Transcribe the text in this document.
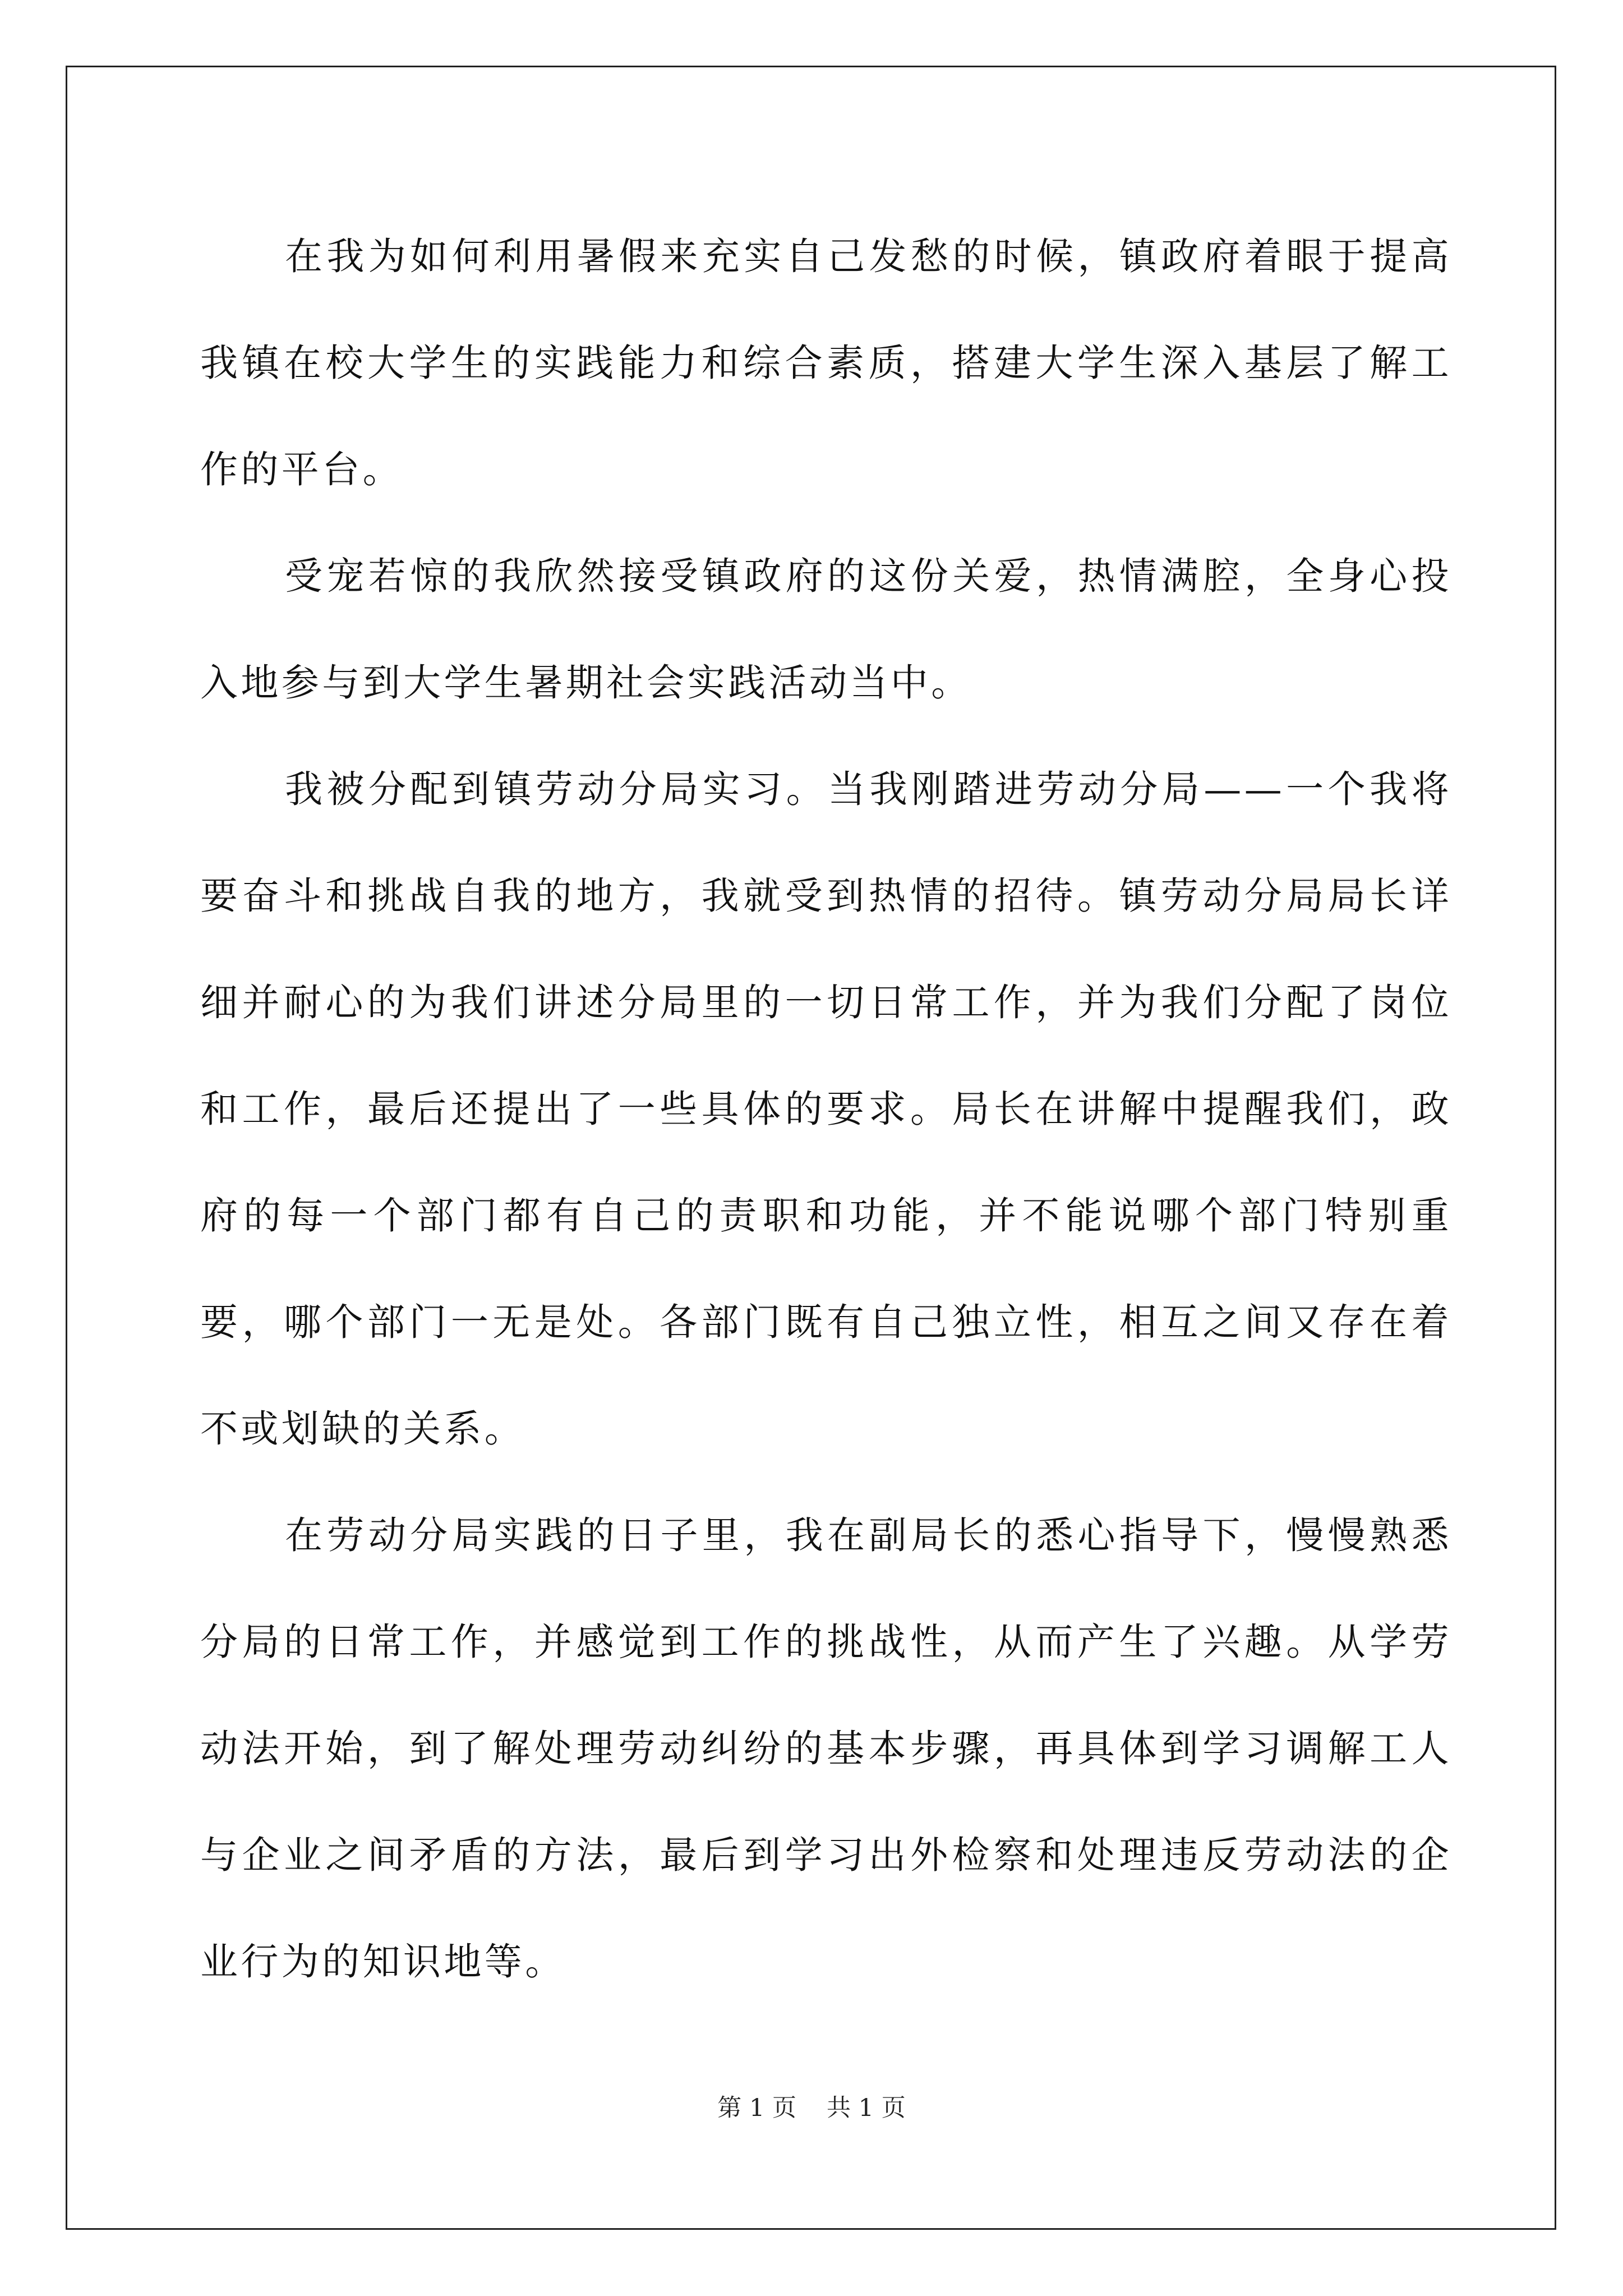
在我为如何利用暑假来充实自己发愁的时候，镇政府着眼于提高我镇在校大学生的实践能力和综合素质，搭建大学生深入基层了解工作的平台。

受宠若惊的我欣然接受镇政府的这份关爱，热情满腔，全身心投入地参与到大学生暑期社会实践活动当中。

我被分配到镇劳动分局实习。当我刚踏进劳动分局——一个我将要奋斗和挑战自我的地方，我就受到热情的招待。镇劳动分局局长详细并耐心的为我们讲述分局里的一切日常工作，并为我们分配了岗位和工作，最后还提出了一些具体的要求。局长在讲解中提醒我们，政府的每一个部门都有自己的责职和功能，并不能说哪个部门特别重要，哪个部门一无是处。各部门既有自己独立性，相互之间又存在着不或划缺的关系。

在劳动分局实践的日子里，我在副局长的悉心指导下，慢慢熟悉分局的日常工作，并感觉到工作的挑战性，从而产生了兴趣。从学劳动法开始，到了解处理劳动纠纷的基本步骤，再具体到学习调解工人与企业之间矛盾的方法，最后到学习出外检察和处理违反劳动法的企业行为的知识地等。

第 1 页 共 1 页
